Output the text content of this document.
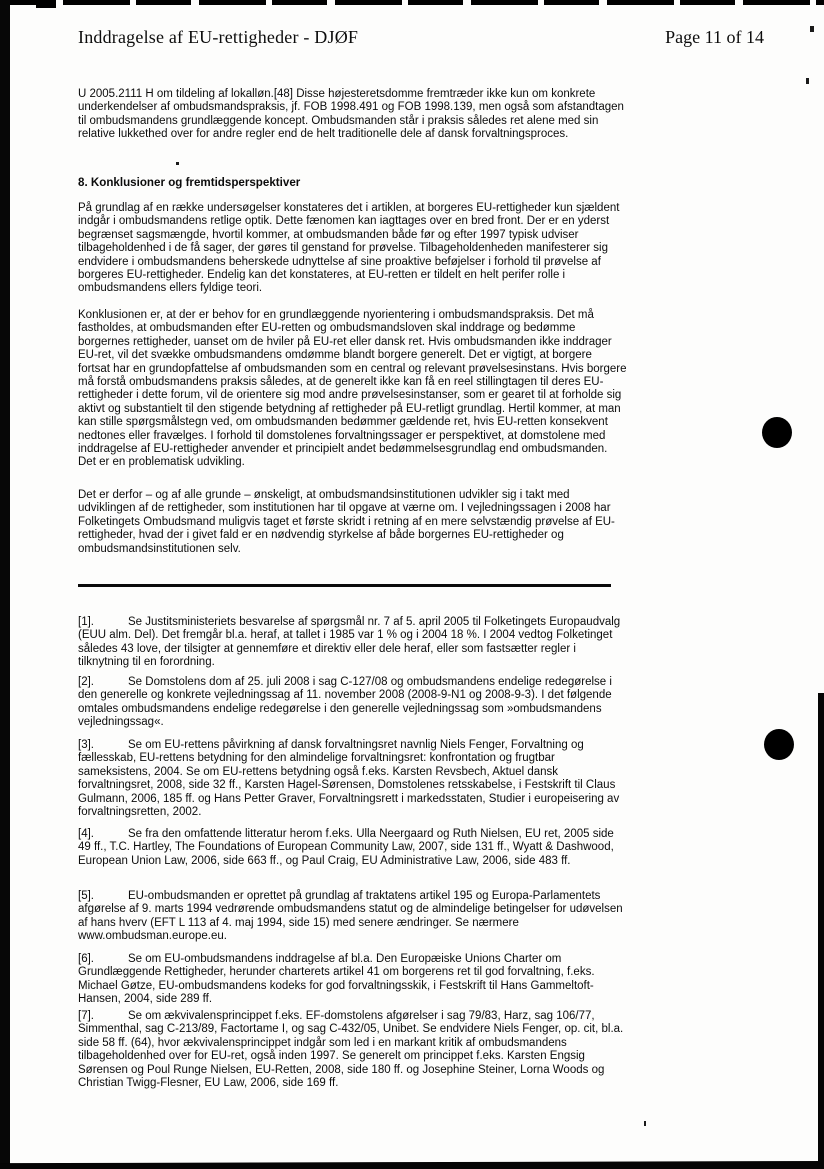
Inddragelse af EU-rettigheder - DJØF	Page 11 of 14

U 2005.2111 H om tildeling af lokalløn.[48] Disse højesteretsdomme fremtræder ikke kun om konkrete underkendelser af ombudsmandspraksis, jf. FOB 1998.491 og FOB 1998.139, men også som afstandtagen til ombudsmandens grundlæggende koncept. Ombudsmanden står i praksis således ret alene med sin relative lukkethed over for andre regler end de helt traditionelle dele af dansk forvaltningsproces.

8. Konklusioner og fremtidsperspektiver

På grundlag af en række undersøgelser konstateres det i artiklen, at borgeres EU-rettigheder kun sjældent indgår i ombudsmandens retlige optik. Dette fænomen kan iagttages over en bred front. Der er en yderst begrænset sagsmængde, hvortil kommer, at ombudsmanden både før og efter 1997 typisk udviser tilbageholdenhed i de få sager, der gøres til genstand for prøvelse. Tilbageholdenheden manifesterer sig endvidere i ombudsmandens beherskede udnyttelse af sine proaktive beføjelser i forhold til prøvelse af borgeres EU-rettigheder. Endelig kan det konstateres, at EU-retten er tildelt en helt perifer rolle i ombudsmandens ellers fyldige teori.

Konklusionen er, at der er behov for en grundlæggende nyorientering i ombudsmandspraksis. Det må fastholdes, at ombudsmanden efter EU-retten og ombudsmandsloven skal inddrage og bedømme borgernes rettigheder, uanset om de hviler på EU-ret eller dansk ret. Hvis ombudsmanden ikke inddrager EU-ret, vil det svække ombudsmandens omdømme blandt borgere generelt. Det er vigtigt, at borgere fortsat har en grundopfattelse af ombudsmanden som en central og relevant prøvelsesinstans. Hvis borgere må forstå ombudsmandens praksis således, at de generelt ikke kan få en reel stillingtagen til deres EU-rettigheder i dette forum, vil de orientere sig mod andre prøvelsesinstanser, som er gearet til at forholde sig aktivt og substantielt til den stigende betydning af rettigheder på EU-retligt grundlag. Hertil kommer, at man kan stille spørgsmålstegn ved, om ombudsmanden bedømmer gældende ret, hvis EU-retten konsekvent nedtones eller fravælges. I forhold til domstolenes forvaltningssager er perspektivet, at domstolene med inddragelse af EU-rettigheder anvender et principielt andet bedømmelsesgrundlag end ombudsmanden. Det er en problematisk udvikling.

Det er derfor – og af alle grunde – ønskeligt, at ombudsmandsinstitutionen udvikler sig i takt med udviklingen af de rettigheder, som institutionen har til opgave at værne om. I vejledningssagen i 2008 har Folketingets Ombudsmand muligvis taget et første skridt i retning af en mere selvstændig prøvelse af EU-rettigheder, hvad der i givet fald er en nødvendig styrkelse af både borgernes EU-rettigheder og ombudsmandsinstitutionen selv.

[1].	Se Justitsministeriets besvarelse af spørgsmål nr. 7 af 5. april 2005 til Folketingets Europaudvalg (EUU alm. Del). Det fremgår bl.a. heraf, at tallet i 1985 var 1 % og i 2004 18 %. I 2004 vedtog Folketinget således 43 love, der tilsigter at gennemføre et direktiv eller dele heraf, eller som fastsætter regler i tilknytning til en forordning.

[2].	Se Domstolens dom af 25. juli 2008 i sag C-127/08 og ombudsmandens endelige redegørelse i den generelle og konkrete vejledningssag af 11. november 2008 (2008-9-N1 og 2008-9-3). I det følgende omtales ombudsmandens endelige redegørelse i den generelle vejledningssag som »ombudsmandens vejledningssag«.

[3].	Se om EU-rettens påvirkning af dansk forvaltningsret navnlig Niels Fenger, Forvaltning og fællesskab, EU-rettens betydning for den almindelige forvaltningsret: konfrontation og frugtbar sameksistens, 2004. Se om EU-rettens betydning også f.eks. Karsten Revsbech, Aktuel dansk forvaltningsret, 2008, side 32 ff., Karsten Hagel-Sørensen, Domstolenes retsskabelse, i Festskrift til Claus Gulmann, 2006, 185 ff. og Hans Petter Graver, Forvaltningsrett i markedsstaten, Studier i europeisering av forvaltningsretten, 2002.

[4].	Se fra den omfattende litteratur herom f.eks. Ulla Neergaard og Ruth Nielsen, EU ret, 2005 side 49 ff., T.C. Hartley, The Foundations of European Community Law, 2007, side 131 ff., Wyatt & Dashwood, European Union Law, 2006, side 663 ff., og Paul Craig, EU Administrative Law, 2006, side 483 ff.

[5].	EU-ombudsmanden er oprettet på grundlag af traktatens artikel 195 og Europa-Parlamentets afgørelse af 9. marts 1994 vedrørende ombudsmandens statut og de almindelige betingelser for udøvelsen af hans hverv (EFT L 113 af 4. maj 1994, side 15) med senere ændringer. Se nærmere www.ombudsman.europe.eu.

[6].	Se om EU-ombudsmandens inddragelse af bl.a. Den Europæiske Unions Charter om Grundlæggende Rettigheder, herunder charterets artikel 41 om borgerens ret til god forvaltning, f.eks. Michael Gøtze, EU-ombudsmandens kodeks for god forvaltningsskik, i Festskrift til Hans Gammeltoft-Hansen, 2004, side 289 ff.

[7].	Se om ækvivalensprincippet f.eks. EF-domstolens afgørelser i sag 79/83, Harz, sag 106/77, Simmenthal, sag C-213/89, Factortame I, og sag C-432/05, Unibet. Se endvidere Niels Fenger, op. cit, bl.a. side 58 ff. (64), hvor ækvivalensprincippet indgår som led i en markant kritik af ombudsmandens tilbageholdenhed over for EU-ret, også inden 1997. Se generelt om princippet f.eks. Karsten Engsig Sørensen og Poul Runge Nielsen, EU-Retten, 2008, side 180 ff. og Josephine Steiner, Lorna Woods og Christian Twigg-Flesner, EU Law, 2006, side 169 ff.
